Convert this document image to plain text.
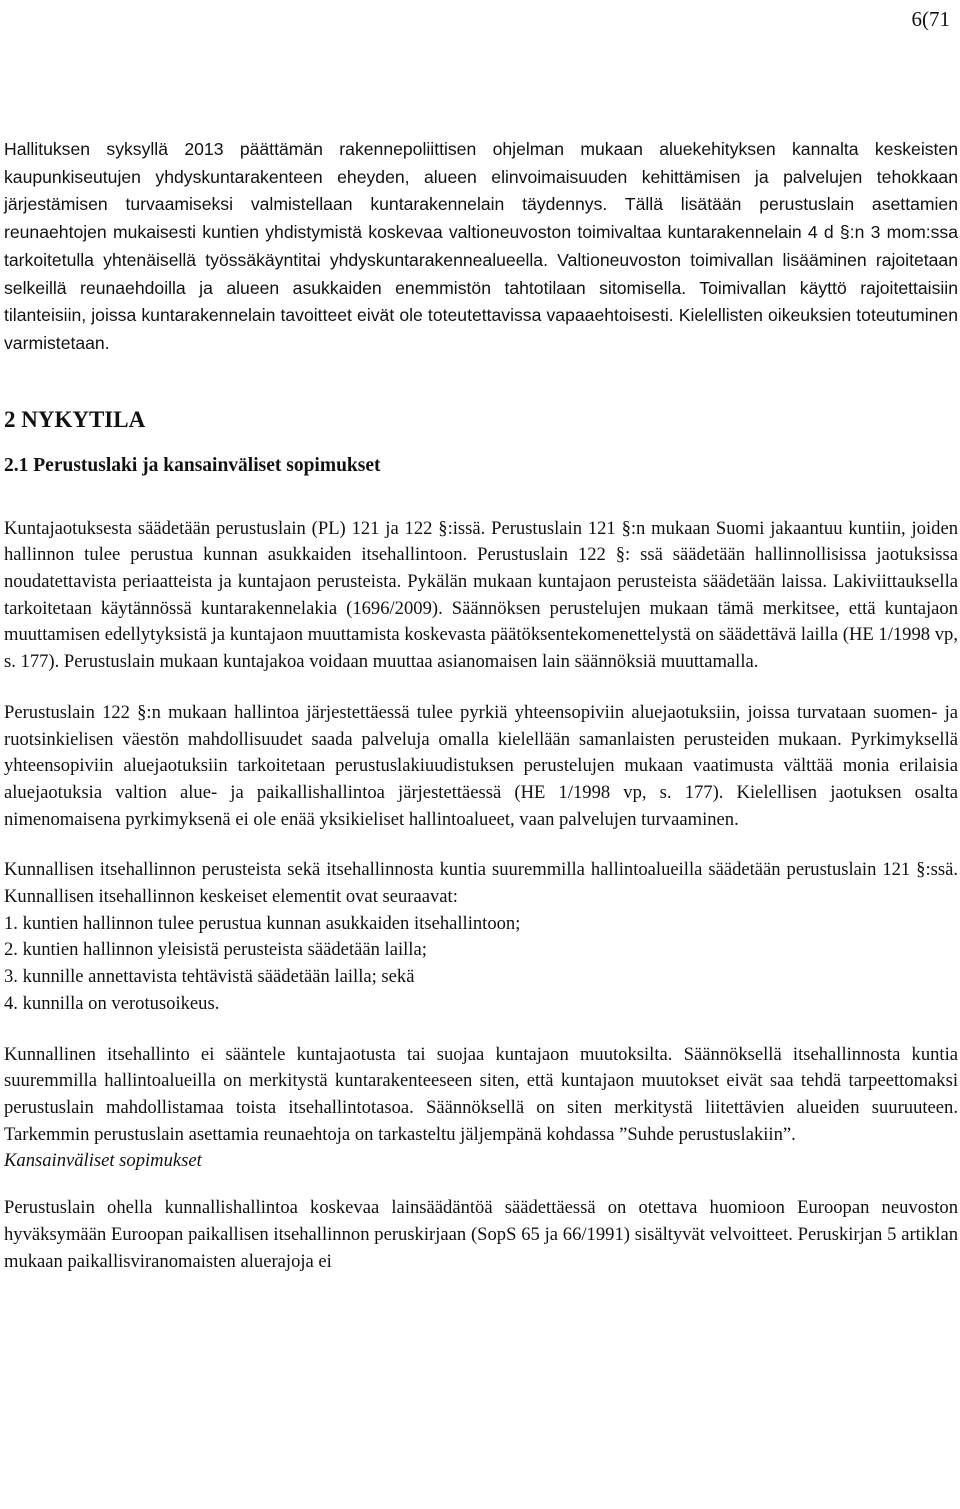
6(71

Hallituksen syksyllä 2013 päättämän rakennepoliittisen ohjelman mukaan aluekehityksen kannalta keskeisten kaupunkiseutujen yhdyskuntarakenteen eheyden, alueen elinvoimaisuuden kehittämisen ja palvelujen tehokkaan järjestämisen turvaamiseksi valmistellaan kuntarakennelain täydennys. Tällä lisätään perustuslain asettamien reunaehtojen mukaisesti kuntien yhdistymistä koskevaa valtioneuvoston toimivaltaa kuntarakennelain 4 d §:n 3 mom:ssa tarkoitetulla yhtenäisellä työssäkäyntitai yhdyskuntarakennealueella. Valtioneuvoston toimivallan lisääminen rajoitetaan selkeillä reunaehdoilla ja alueen asukkaiden enemmistön tahtotilaan sitomisella. Toimivallan käyttö rajoitettaisiin tilanteisiin, joissa kuntarakennelain tavoitteet eivät ole toteutettavissa vapaaehtoisesti. Kielellisten oikeuksien toteutuminen varmistetaan.

2 NYKYTILA
2.1 Perustuslaki ja kansainväliset sopimukset

Kuntajaotuksesta säädetään perustuslain (PL) 121 ja 122 §:issä. Perustuslain 121 §:n mukaan Suomi jakaantuu kuntiin, joiden hallinnon tulee perustua kunnan asukkaiden itsehallintoon. Perustuslain 122 §: ssä säädetään hallinnollisissa jaotuksissa noudatettavista periaatteista ja kuntajaon perusteista. Pykälän mukaan kuntajaon perusteista säädetään laissa. Lakiviittauksella tarkoitetaan käytännössä kuntarakennelakia (1696/2009). Säännöksen perustelujen mukaan tämä merkitsee, että kuntajaon muuttamisen edellytyksistä ja kuntajaon muuttamista koskevasta päätöksentekomenettelystä on säädettävä lailla (HE 1/1998 vp, s. 177). Perustuslain mukaan kuntajakoa voidaan muuttaa asianomaisen lain säännöksiä muuttamalla.

Perustuslain 122 §:n mukaan hallintoa järjestettäessä tulee pyrkiä yhteensopiviin aluejaotuksiin, joissa turvataan suomen- ja ruotsinkielisen väestön mahdollisuudet saada palveluja omalla kielellään samanlaisten perusteiden mukaan. Pyrkimyksellä yhteensopiviin aluejaotuksiin tarkoitetaan perustuslakiuudistuksen perustelujen mukaan vaatimusta välttää monia erilaisia aluejaotuksia valtion alue- ja paikallishallintoa järjestettäessä (HE 1/1998 vp, s. 177). Kielellisen jaotuksen osalta nimenomaisena pyrkimyksenä ei ole enää yksikieliset hallintoalueet, vaan palvelujen turvaaminen.

Kunnallisen itsehallinnon perusteista sekä itsehallinnosta kuntia suuremmilla hallintoalueilla säädetään perustuslain 121 §:ssä. Kunnallisen itsehallinnon keskeiset elementit ovat seuraavat:

1. kuntien hallinnon tulee perustua kunnan asukkaiden itsehallintoon;
2. kuntien hallinnon yleisistä perusteista säädetään lailla;
3. kunnille annettavista tehtävistä säädetään lailla; sekä
4. kunnilla on verotusoikeus.

Kunnallinen itsehallinto ei sääntele kuntajaotusta tai suojaa kuntajaon muutoksilta. Säännöksellä itsehallinnosta kuntia suuremmilla hallintoalueilla on merkitystä kuntarakenteeseen siten, että kuntajaon muutokset eivät saa tehdä tarpeettomaksi perustuslain mahdollistamaa toista itsehallintotasoa. Säännöksellä on siten merkitystä liitettävien alueiden suuruuteen. Tarkemmin perustuslain asettamia reunaehtoja on tarkasteltu jäljempänä kohdassa ”Suhde perustuslakiin”.

Kansainväliset sopimukset

Perustuslain ohella kunnallishallintoa koskevaa lainsäädäntöä säädettäessä on otettava huomioon Euroopan neuvoston hyväksymään Euroopan paikallisen itsehallinnon peruskirjaan (SopS 65 ja 66/1991) sisältyvät velvoitteet. Peruskirjan 5 artiklan mukaan paikallisviranomaisten aluerajoja ei
